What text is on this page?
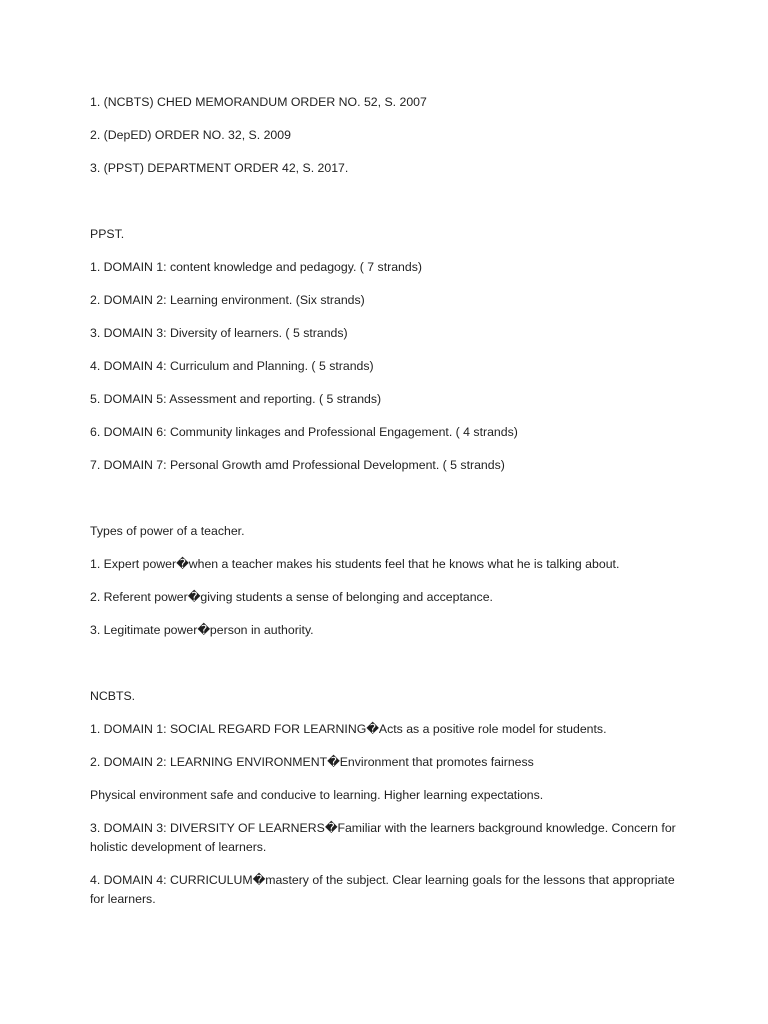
1. (NCBTS) CHED MEMORANDUM ORDER NO. 52, S. 2007

2. (DepED) ORDER NO. 32, S. 2009

3. (PPST) DEPARTMENT ORDER 42, S. 2017.

PPST.

1. DOMAIN 1: content knowledge and pedagogy. ( 7 strands)

2. DOMAIN 2: Learning environment. (Six strands)

3. DOMAIN 3: Diversity of learners. ( 5 strands)

4. DOMAIN 4: Curriculum and Planning. ( 5 strands)

5. DOMAIN 5: Assessment and reporting. ( 5 strands)

6. DOMAIN 6: Community linkages and Professional Engagement. ( 4 strands)

7. DOMAIN 7: Personal Growth amd Professional Development. ( 5 strands)

Types of power of a teacher.

1. Expert power�when a teacher makes his students feel that he knows what he is talking about.

2. Referent power�giving students a sense of belonging and acceptance.

3. Legitimate power�person in authority.

NCBTS.

1. DOMAIN 1: SOCIAL REGARD FOR LEARNING�Acts as a positive role model for students.

2. DOMAIN 2: LEARNING ENVIRONMENT�Environment that promotes fairness

Physical environment safe and conducive to learning. Higher learning expectations.

3. DOMAIN 3: DIVERSITY OF LEARNERS�Familiar with the learners background knowledge. Concern for holistic development of learners.

4. DOMAIN 4: CURRICULUM�mastery of the subject. Clear learning goals for the lessons that appropriate for learners.
